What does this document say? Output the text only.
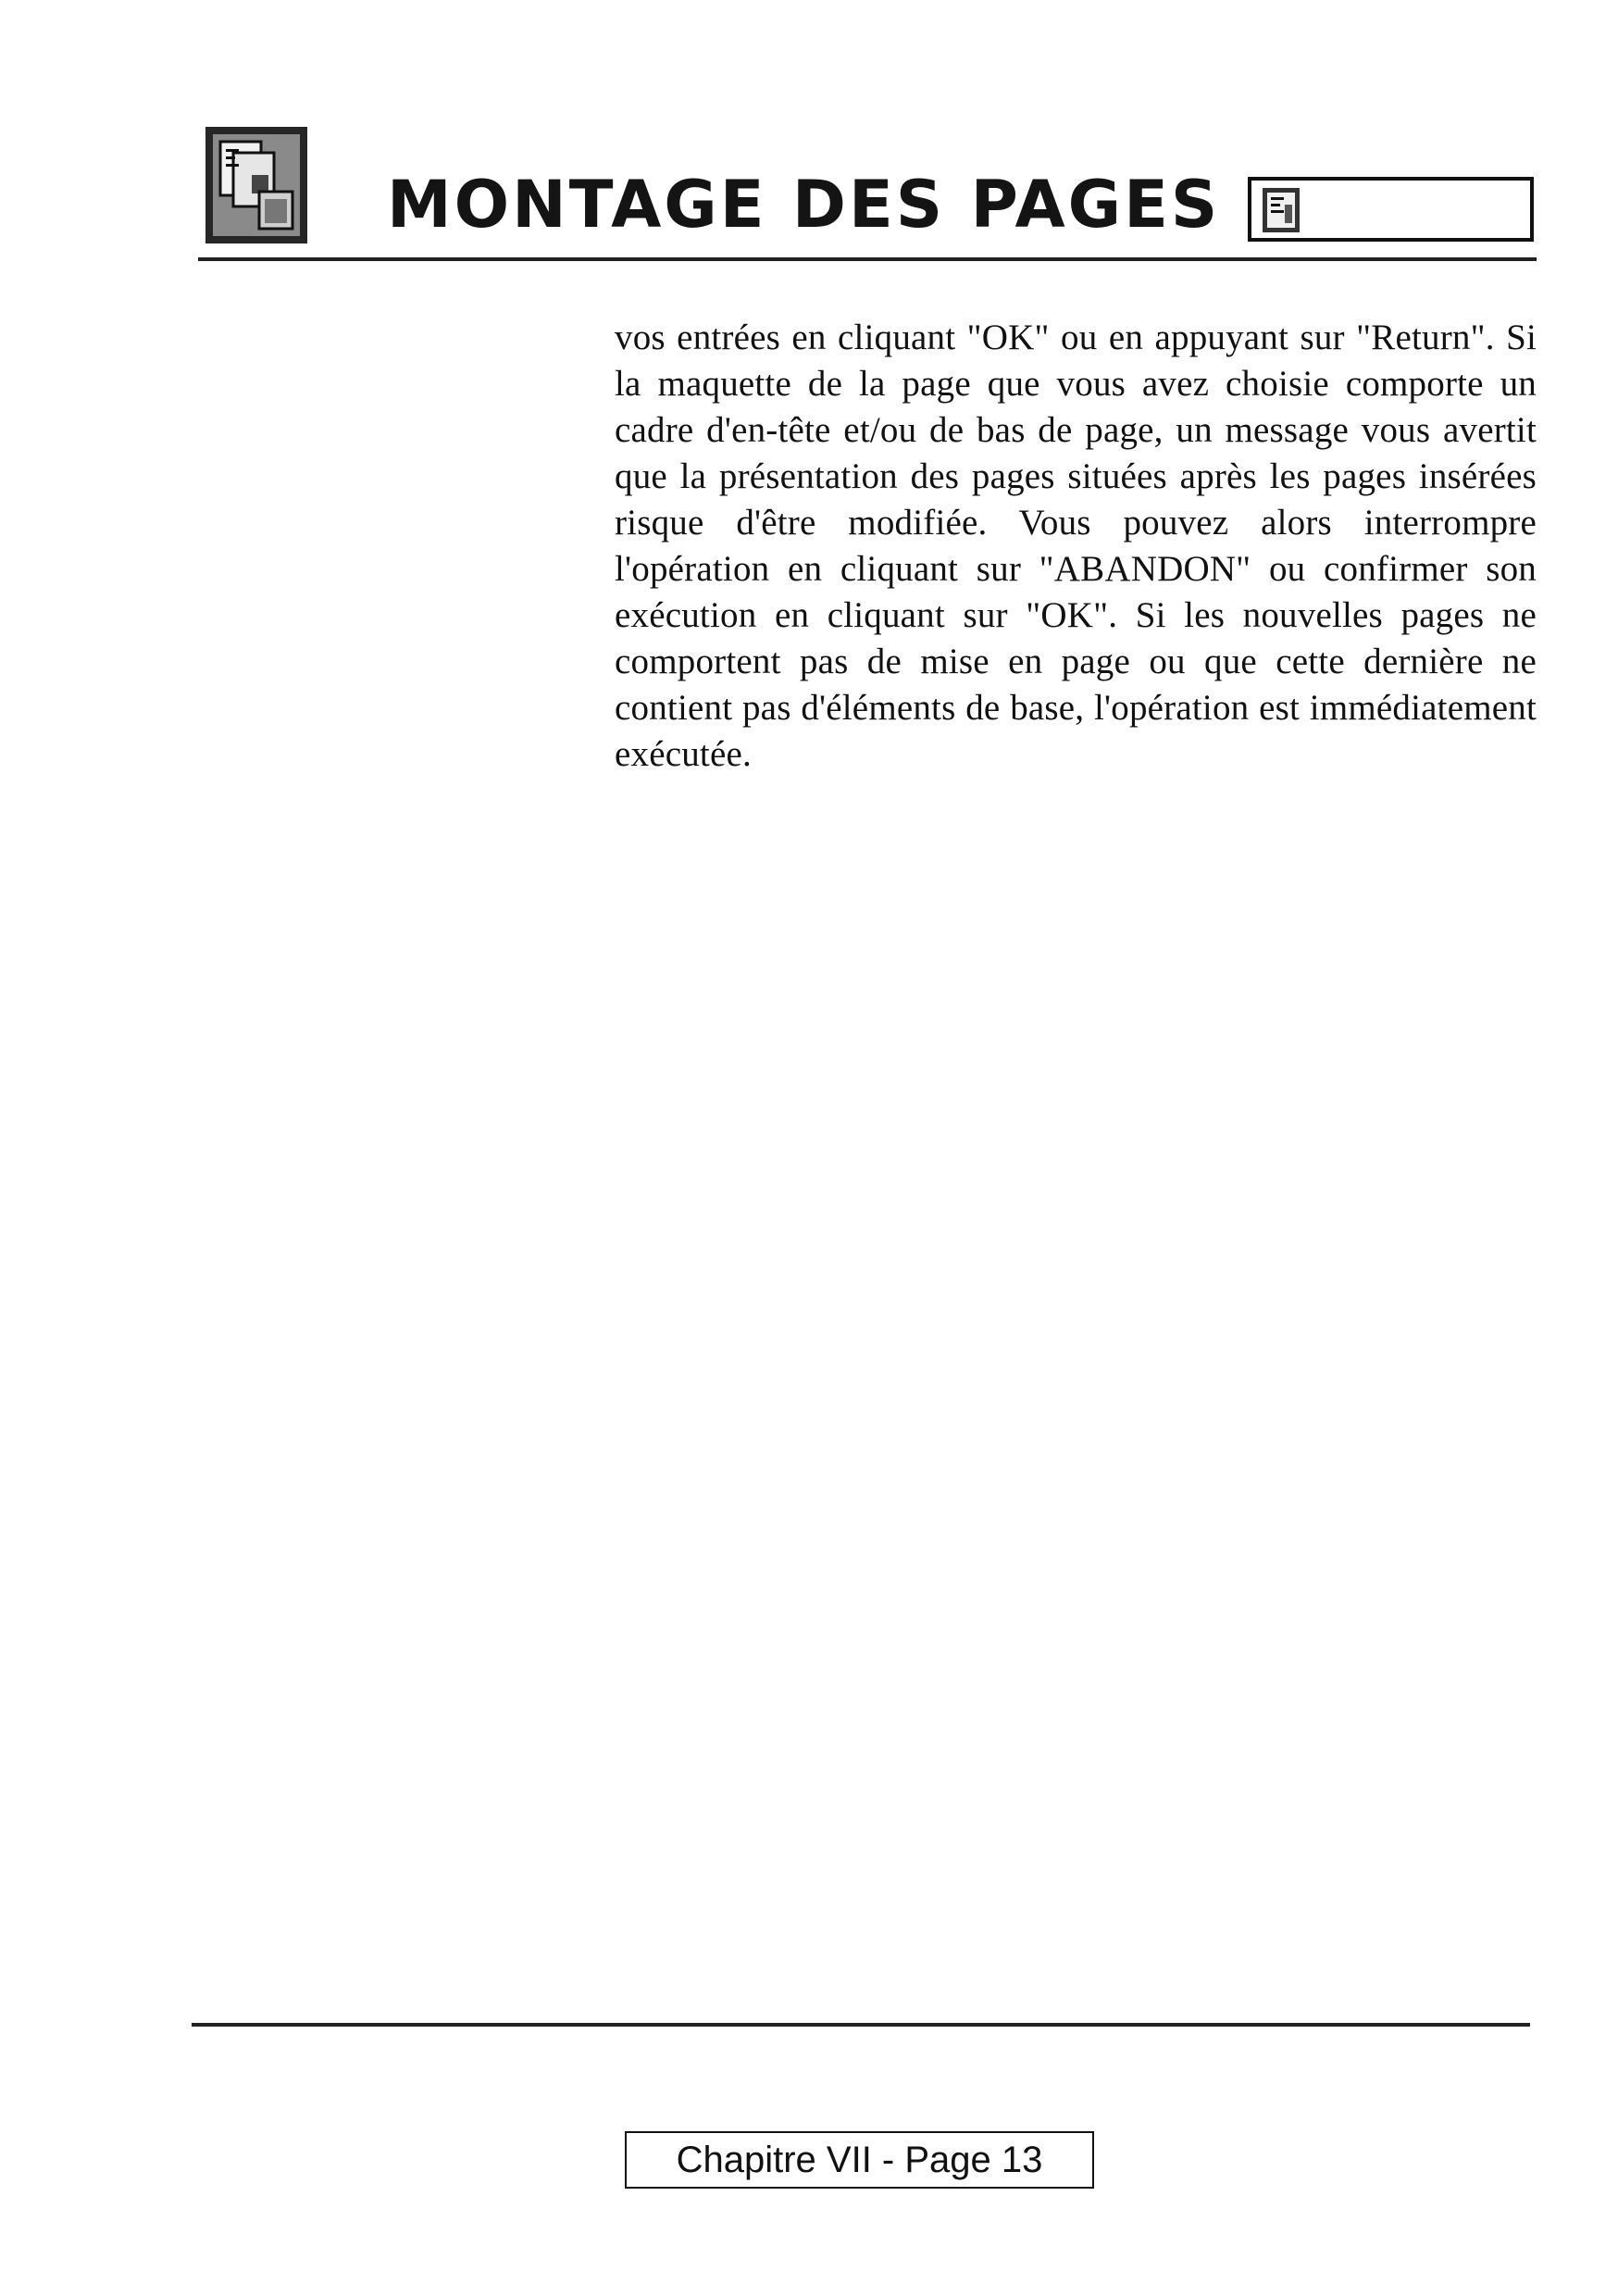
MONTAGE DES PAGES

vos entrées en cliquant "OK" ou en appuyant sur "Return". Si la maquette de la page que vous avez choisie comporte un cadre d'en-tête et/ou de bas de page, un message vous avertit que la présentation des pages situées après les pages insérées risque d'être modifiée. Vous pouvez alors interrompre l'opération en cliquant sur "ABANDON" ou confirmer son exécution en cliquant sur "OK". Si les nouvelles pages ne comportent pas de mise en page ou que cette dernière ne contient pas d'éléments de base, l'opération est immédiatement exécutée.

Chapitre VII - Page 13
